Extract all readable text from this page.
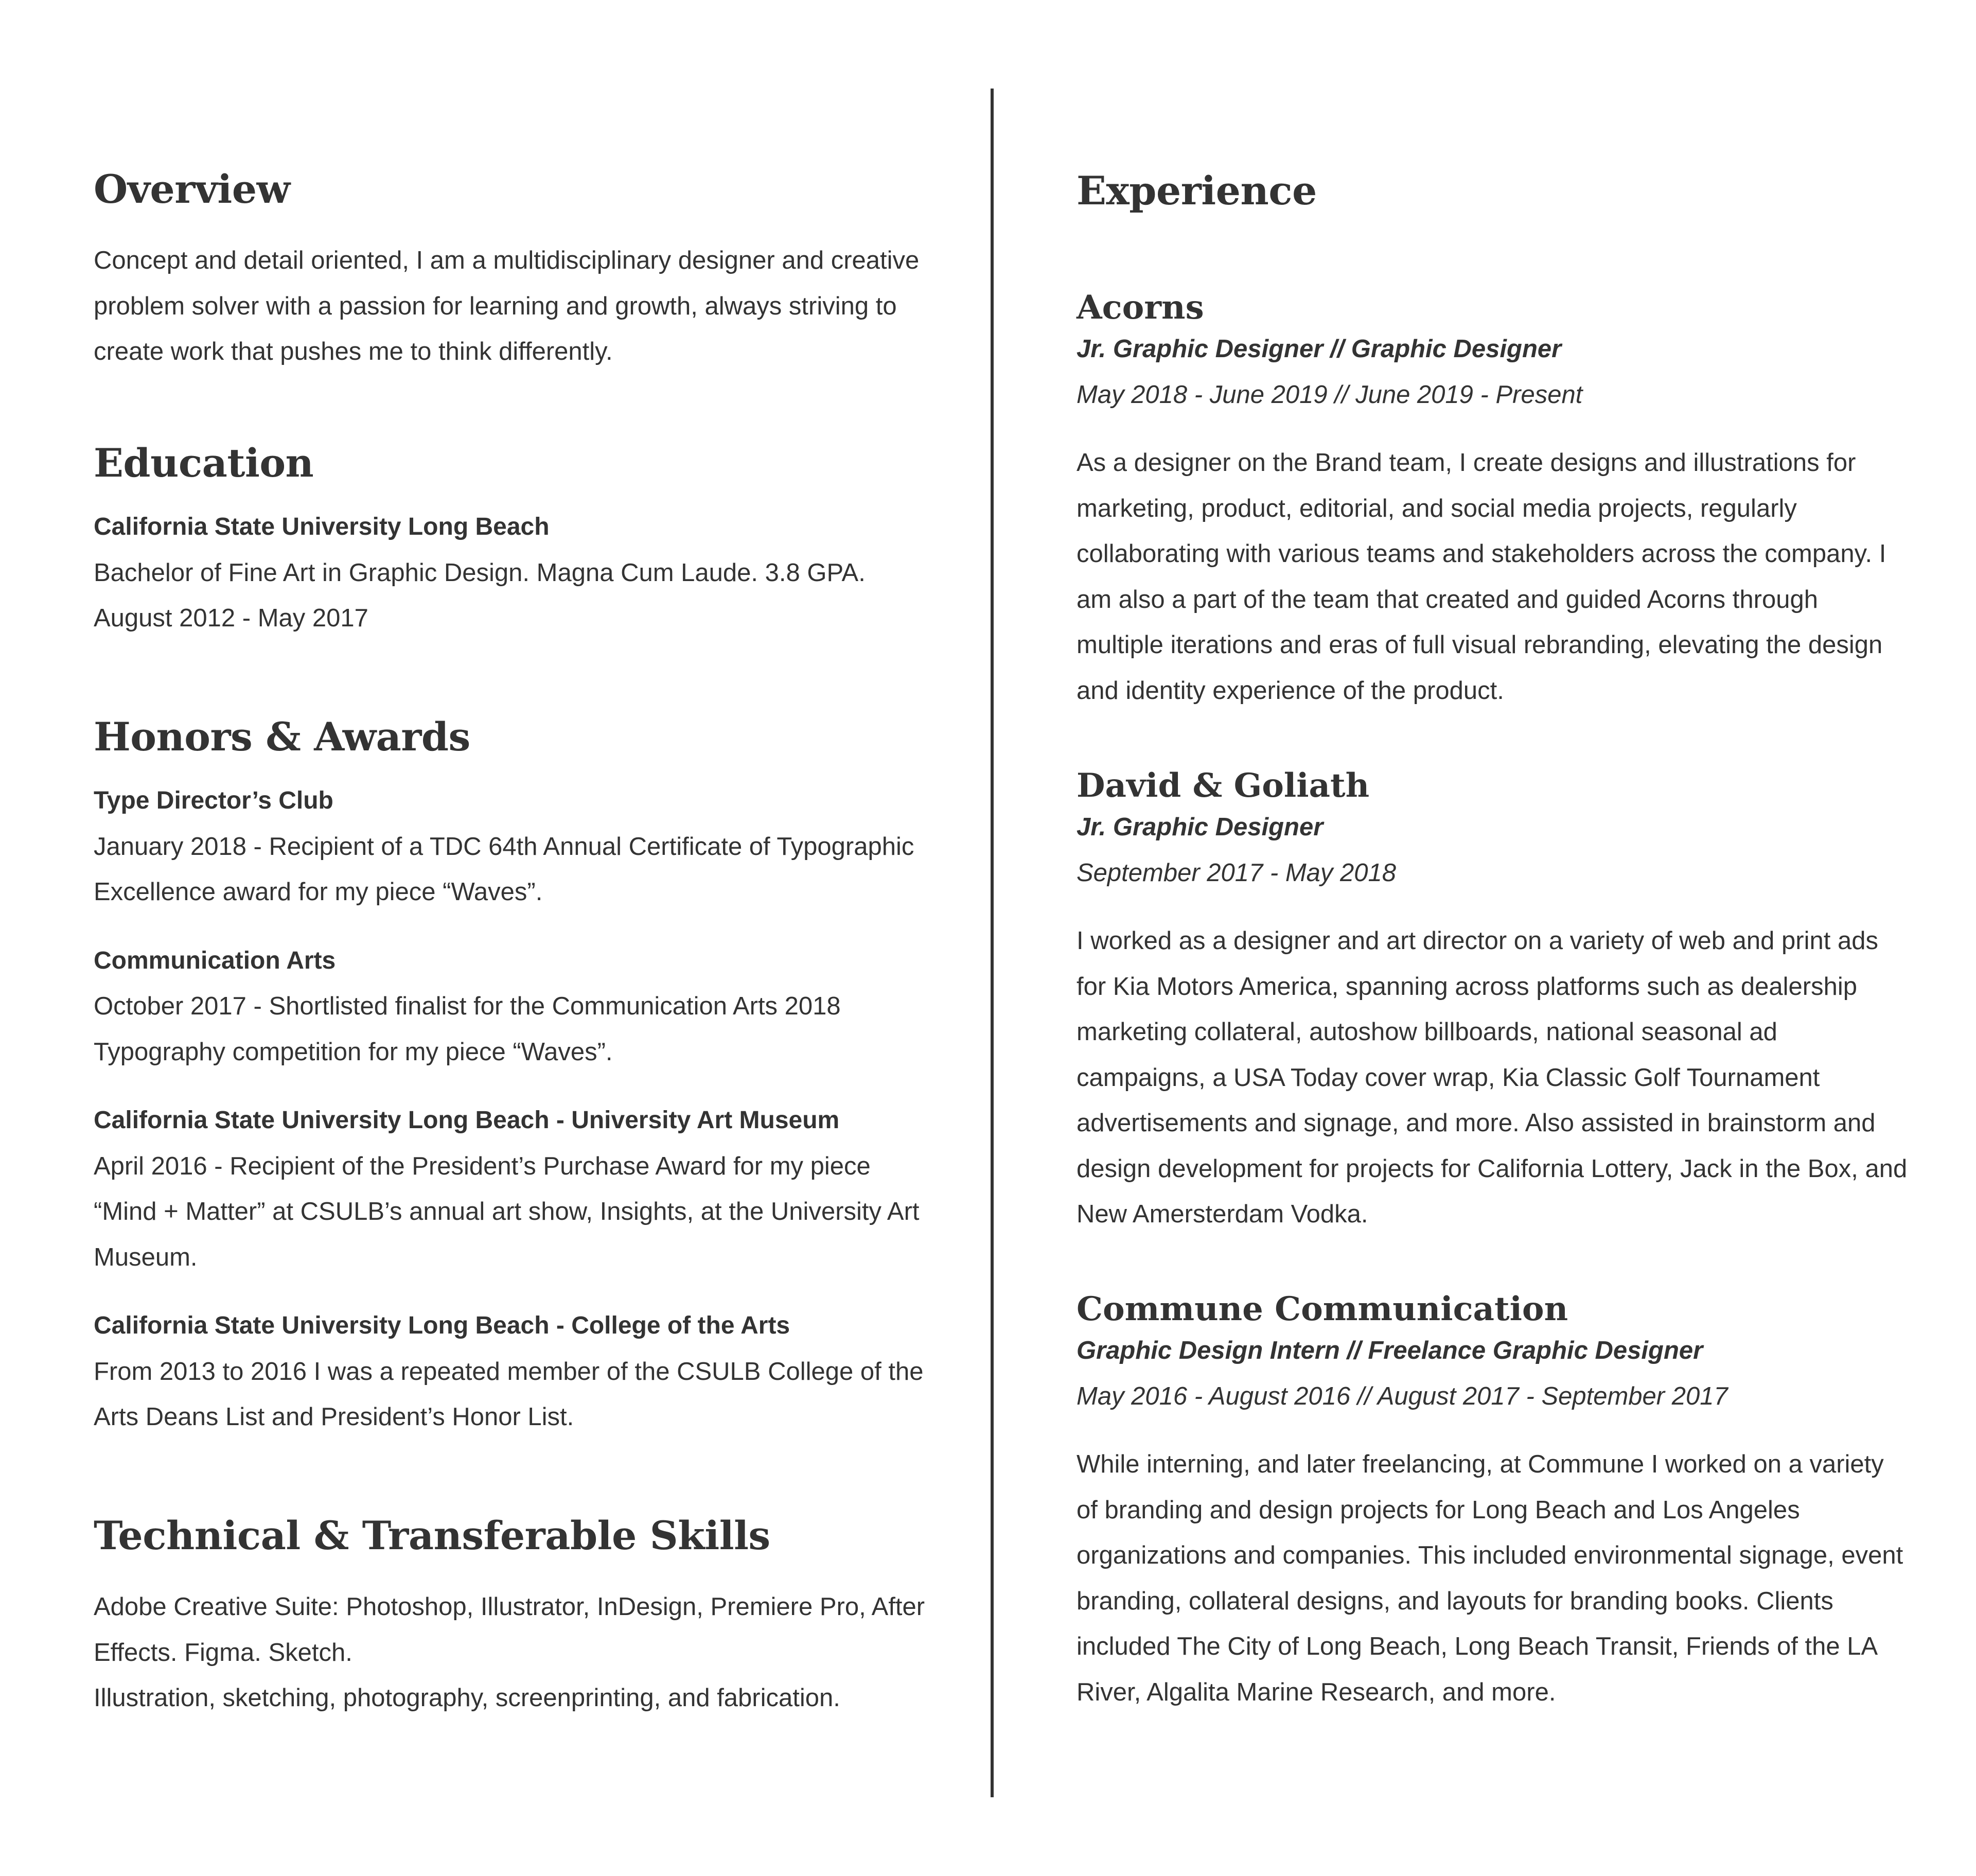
Overview

Concept and detail oriented, I am a multidisciplinary designer and creative problem solver with a passion for learning and growth, always striving to create work that pushes me to think differently.

Education

California State University Long Beach

Bachelor of Fine Art in Graphic Design. Magna Cum Laude. 3.8 GPA.

August 2012 - May 2017

Honors & Awards

Type Director’s Club

January 2018 - Recipient of a TDC 64th Annual Certificate of Typographic Excellence award for my piece “Waves”.

Communication Arts

October 2017 - Shortlisted finalist for the Communication Arts 2018 Typography competition for my piece “Waves”.

California State University Long Beach - University Art Museum

April 2016 - Recipient of the President’s Purchase Award for my piece “Mind + Matter” at CSULB’s annual art show, Insights, at the University Art Museum.

California State University Long Beach - College of the Arts

From 2013 to 2016 I was a repeated member of the CSULB College of the Arts Deans List and President’s Honor List.

Technical & Transferable Skills

Adobe Creative Suite: Photoshop, Illustrator, InDesign, Premiere Pro, After Effects. Figma. Sketch.

Illustration, sketching, photography, screenprinting, and fabrication.

Experience
Acorns

Jr. Graphic Designer // Graphic Designer

May 2018 - June 2019 // June 2019 - Present

As a designer on the Brand team, I create designs and illustrations for marketing, product, editorial, and social media projects, regularly collaborating with various teams and stakeholders across the company. I am also a part of the team that created and guided Acorns through multiple iterations and eras of full visual rebranding, elevating the design and identity experience of the product.

David & Goliath

Jr. Graphic Designer

September 2017 - May 2018

I worked as a designer and art director on a variety of web and print ads for Kia Motors America, spanning across platforms such as dealership marketing collateral, autoshow billboards, national seasonal ad campaigns, a USA Today cover wrap, Kia Classic Golf Tournament advertisements and signage, and more. Also assisted in brainstorm and design development for projects for California Lottery, Jack in the Box, and New Amersterdam Vodka.

Commune Communication

Graphic Design Intern // Freelance Graphic Designer

May 2016 - August 2016 // August 2017 - September 2017

While interning, and later freelancing, at Commune I worked on a variety of branding and design projects for Long Beach and Los Angeles organizations and companies. This included environmental signage, event branding, collateral designs, and layouts for branding books. Clients included The City of Long Beach, Long Beach Transit, Friends of the LA River, Algalita Marine Research, and more.
